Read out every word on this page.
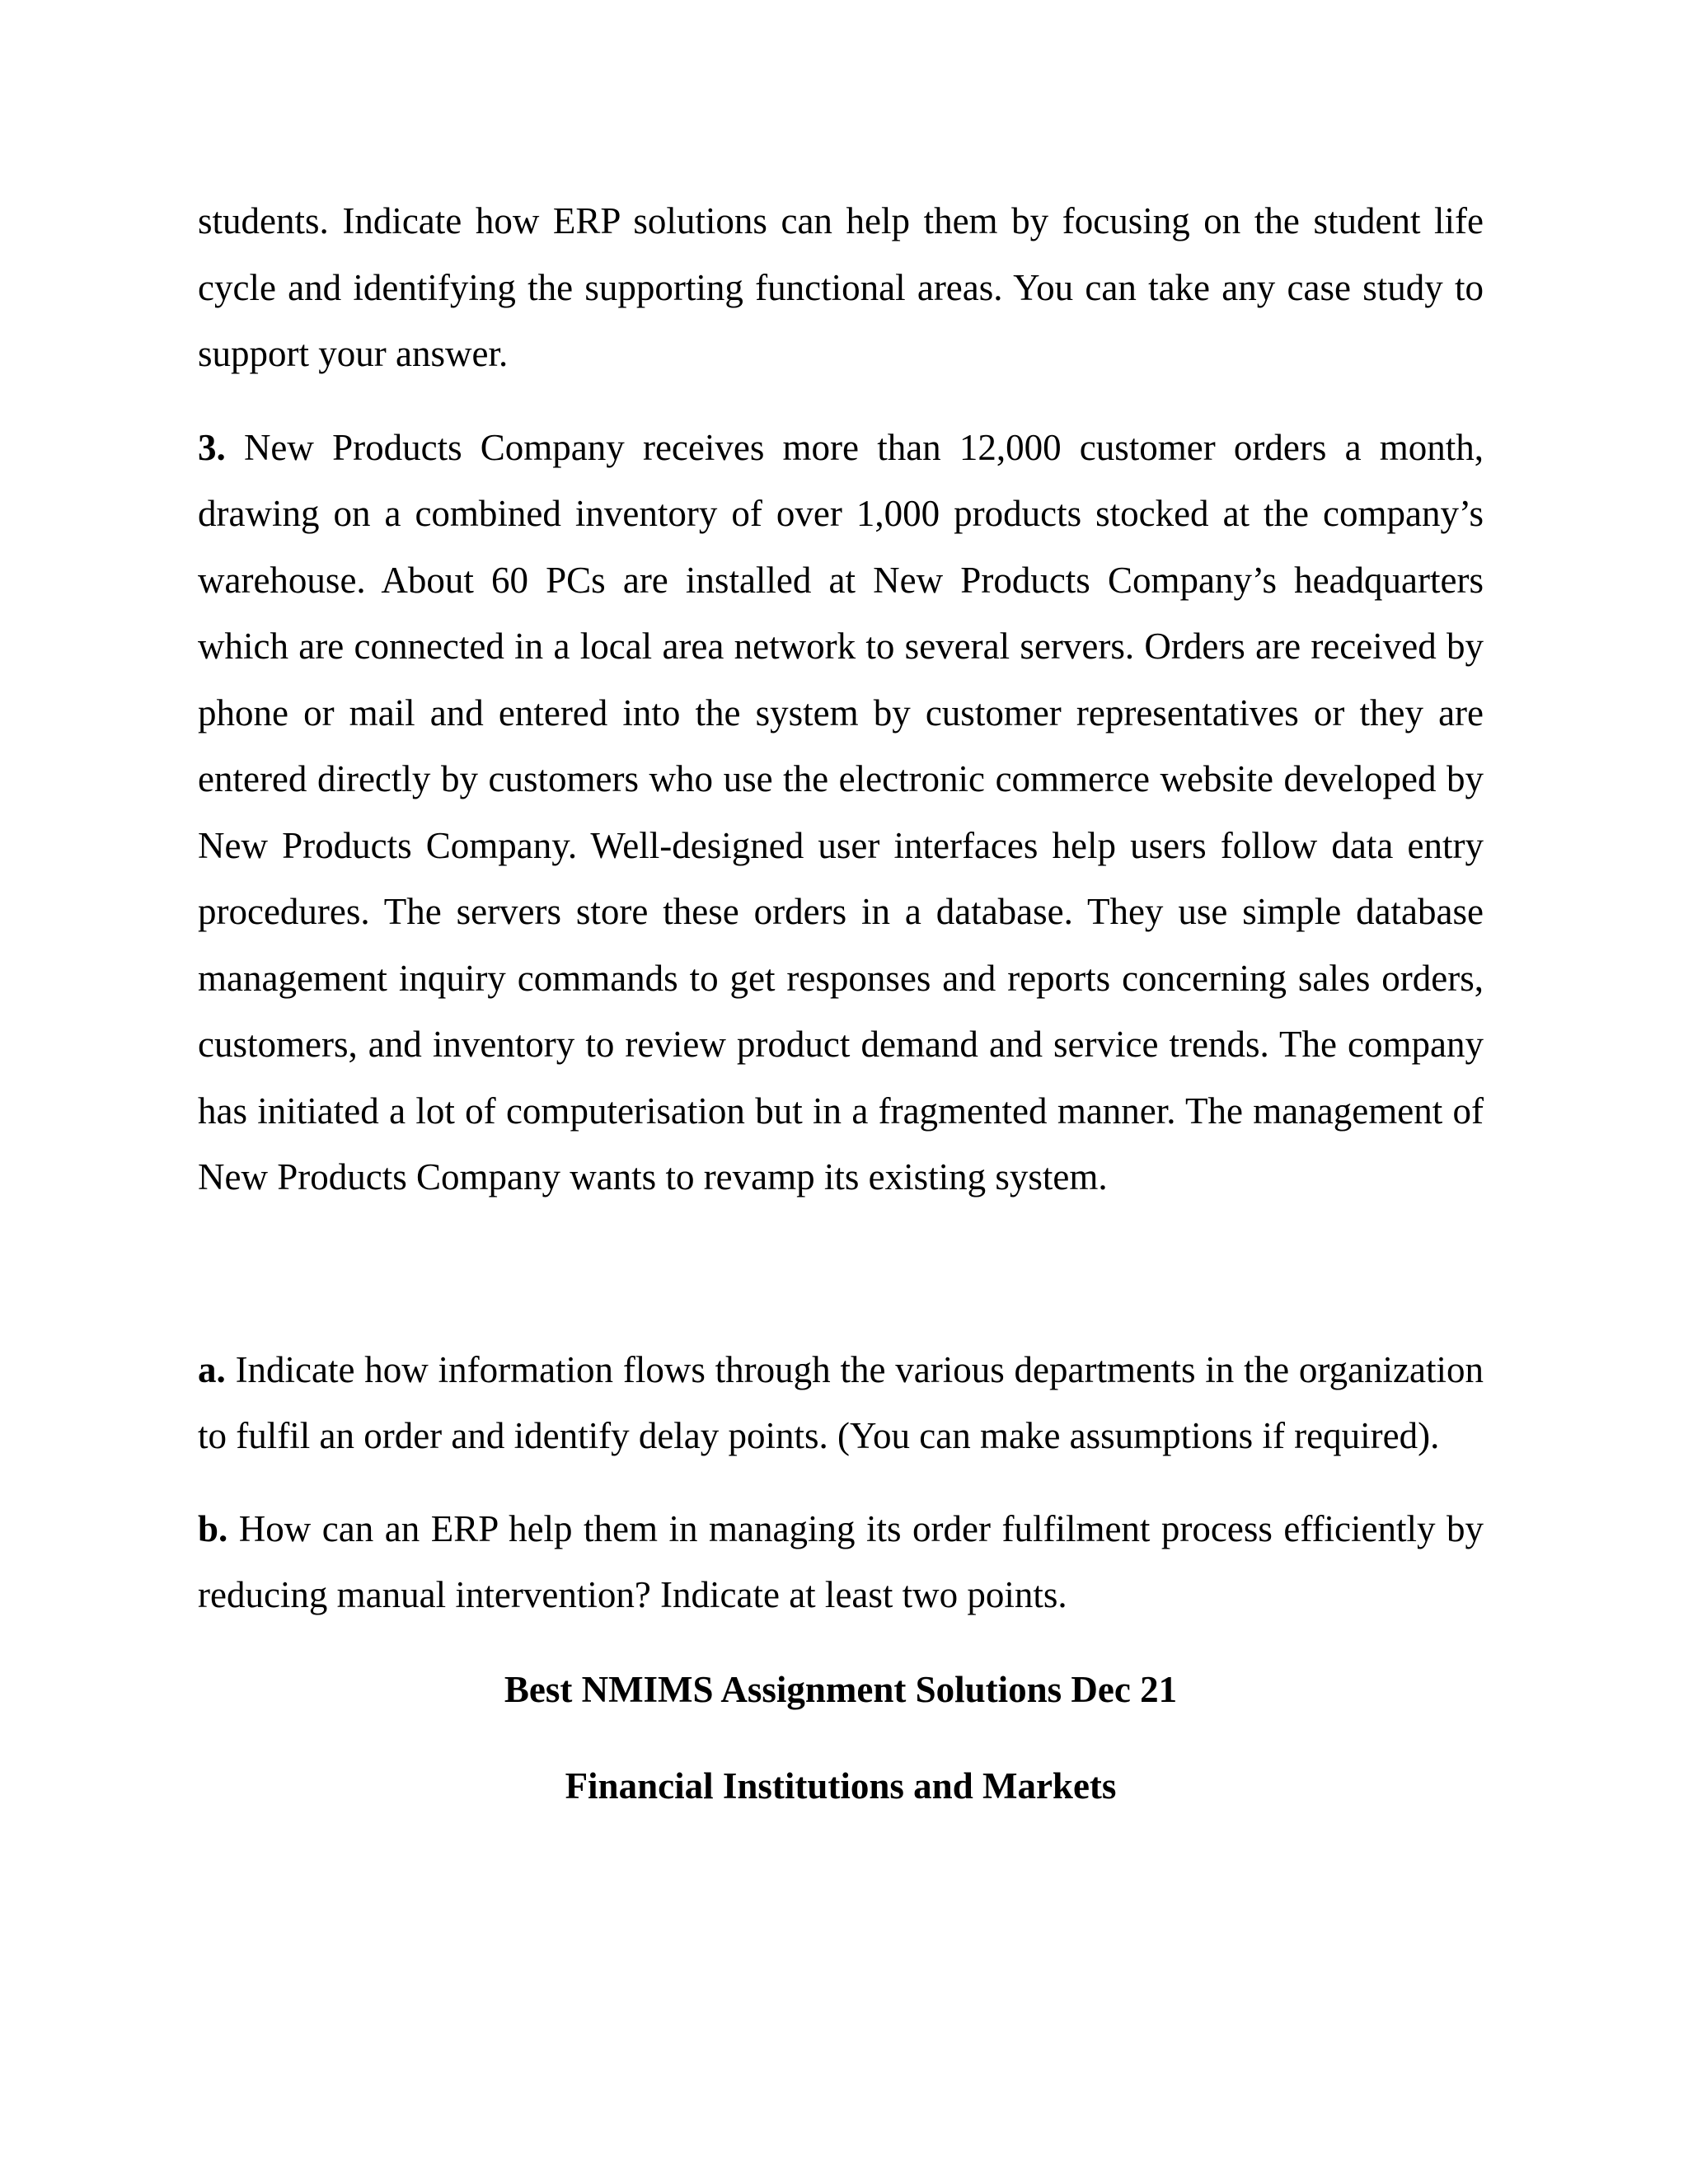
students. Indicate how ERP solutions can help them by focusing on the student life cycle and identifying the supporting functional areas. You can take any case study to support your answer.

3. New Products Company receives more than 12,000 customer orders a month, drawing on a combined inventory of over 1,000 products stocked at the company’s warehouse. About 60 PCs are installed at New Products Company’s headquarters which are connected in a local area network to several servers. Orders are received by phone or mail and entered into the system by customer representatives or they are entered directly by customers who use the electronic commerce website developed by New Products Company. Well-designed user interfaces help users follow data entry procedures. The servers store these orders in a database. They use simple database management inquiry commands to get responses and reports concerning sales orders, customers, and inventory to review product demand and service trends. The company has initiated a lot of computerisation but in a fragmented manner. The management of New Products Company wants to revamp its existing system.

a. Indicate how information flows through the various departments in the organization to fulfil an order and identify delay points. (You can make assumptions if required).

b. How can an ERP help them in managing its order fulfilment process efficiently by reducing manual intervention? Indicate at least two points.

Best NMIMS Assignment Solutions Dec 21

Financial Institutions and Markets
